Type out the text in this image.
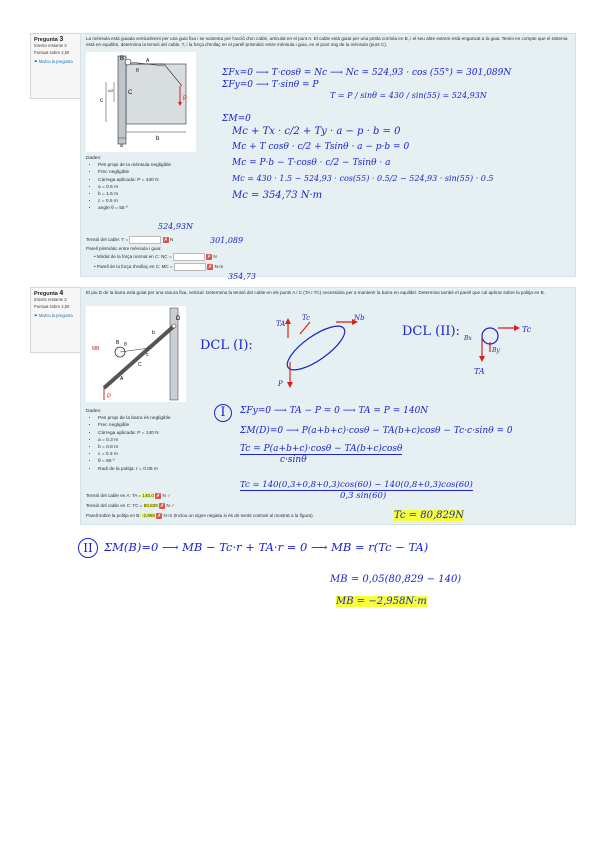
Pregunta 3
Intento restante 3
Puntuat sobre 2,50
⚑ Marca la pregunta
La mènsula està guiada verticalment per una guia fixa i se sustenta per l'acció d'un cable, articulat en el punt A. El cable està guiat per una petita corriola en B, i el seu altre extrem està enganxat a la guia. Tenint en compte que el sistema està en equilibri, determina la tensió del cable, T, i la força d'enllaç en el parell prismàtic entre mènsula i guia, en el punt mig de la mènsula (punt C).
B	A
θ
c
c/2 C
P
a
b
Dades:
• Pes propi de la mènsula negligible
• Frec negligible
• Càrrega aplicada: P = 430 N
• a = 0.5 m
• b = 1.5 m
• c = 0.5 m
• angle θ = 55 º
Tensió del cable: T =	✗ N
Parell prismàtic entre mènsula i guia:
• Mòdul de la força normal en C: NC =	✗ N
• Parell de la força d'enllaç en C: MC =	✗ N·m
524,93N
301,089
354,73
ΣFx=0 ⟶ T·cosθ = Nc ⟶ Nc = 524,93 · cos (55°) = 301,089N
ΣFy=0 ⟶ T·sinθ = P
T = P / sinθ = 430 / sin(55) = 524,93N
ΣM=0
Mc + Tx · c/2 + Ty · a − p · b = 0
Mc + T cosθ · c/2 + Tsinθ · a − p·b = 0
Mc = P·b − T·cosθ · c/2 − Tsinθ · a
Mc = 430 · 1.5 − 524,93 · cos(55) · 0.5/2 − 524,93 · sin(55) · 0.5
Mc = 354,73 N·m
Pregunta 4
Intento restante 3
Puntuat sobre 2,50
⚑ Marca la pregunta
El piu D de la barra està guiat per una ranura fixa, vertical. Determina la tensió del cable en els punts A i C (TA i TC) necessària per a mantenir la barra en equilibri. Determina també el parell que cal aplicar sobre la politja en B.
D
b
MB
B
c
C
A
θ
P
TA
Tc	Nb
P
DCL (I):
DCL (II): Bx
By
Tc
TA
Dades:
• Pes propi de la barra és negligible
• Frec negligible
• Càrrega aplicada: P = 140 N
• a = 0.3 m
• b = 0.8 m
• c = 0.3 m
• θ = 60 º
• Radi de la politja: r = 0.05 m
Tensió del cable en A: TA = 140,0 ✗ N ✓
Tensió del cable en C: TC = 80,829 ✗ N ✓
Parell sobre la politja en B: -2,958 ✗ N·m (Inclou un signe negatiu si és de sentit contrari al mostrat a la figura)
I	ΣFy=0 ⟶ TA − P = 0 ⟶ TA = P = 140N
ΣM(D)=0 ⟶ P(a+b+c)·cosθ − TA(b+c)cosθ − Tc·c·sinθ = 0
Tc = P(a+b+c)·cosθ − TA(b+c)cosθ
c·sinθ
Tc = 140(0,3+0,8+0,3)cos(60) − 140(0,8+0,3)cos(60)
0,3 sin(60)
Tc = 80,829N
II ΣM(B)=0 ⟶ MB − Tc·r + TA·r = 0 ⟶ MB = r(Tc − TA)
MB = 0,05(80,829 − 140)
MB = −2,958N·m
